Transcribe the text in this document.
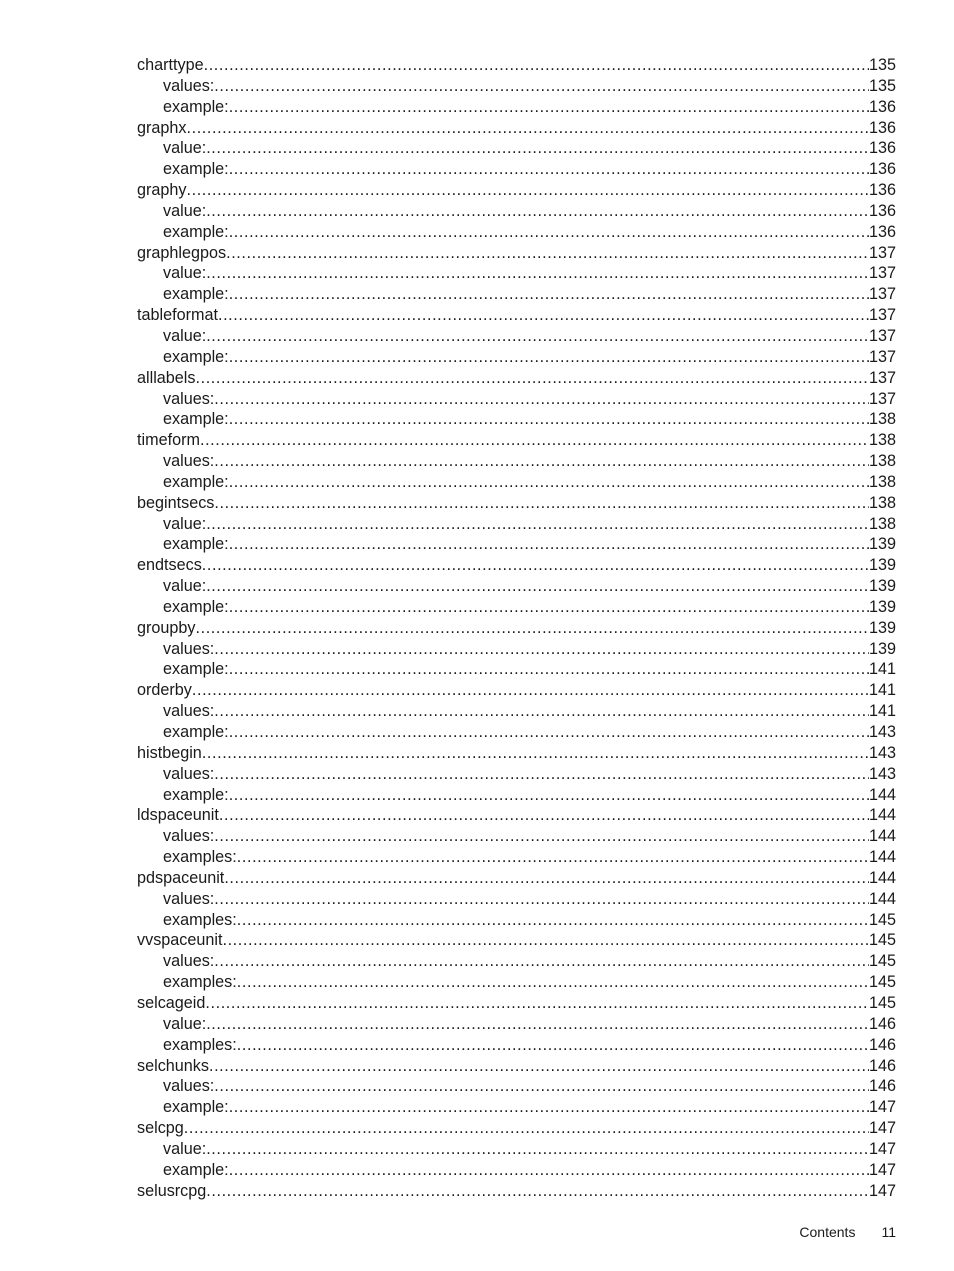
charttype .....	135
values: .....	135
example: .....	136
graphx .....	136
value: .....	136
example: .....	136
graphy .....	136
value: .....	136
example: .....	136
graphlegpos .....	137
value: .....	137
example: .....	137
tableformat .....	137
value: .....	137
example: .....	137
alllabels .....	137
values: .....	137
example: .....	138
timeform .....	138
values: .....	138
example: .....	138
begintsecs .....	138
value: .....	138
example: .....	139
endtsecs .....	139
value: .....	139
example: .....	139
groupby .....	139
values: .....	139
example: .....	141
orderby .....	141
values: .....	141
example: .....	143
histbegin .....	143
values: .....	143
example: .....	144
ldspaceunit .....	144
values: .....	144
examples: .....	144
pdspaceunit .....	144
values: .....	144
examples: .....	145
vvspaceunit .....	145
values: .....	145
examples: .....	145
selcageid .....	145
value: .....	146
examples: .....	146
selchunks .....	146
values: .....	146
example: .....	147
selcpg .....	147
value: .....	147
example: .....	147
selusrcpg .....	147
Contents 11
